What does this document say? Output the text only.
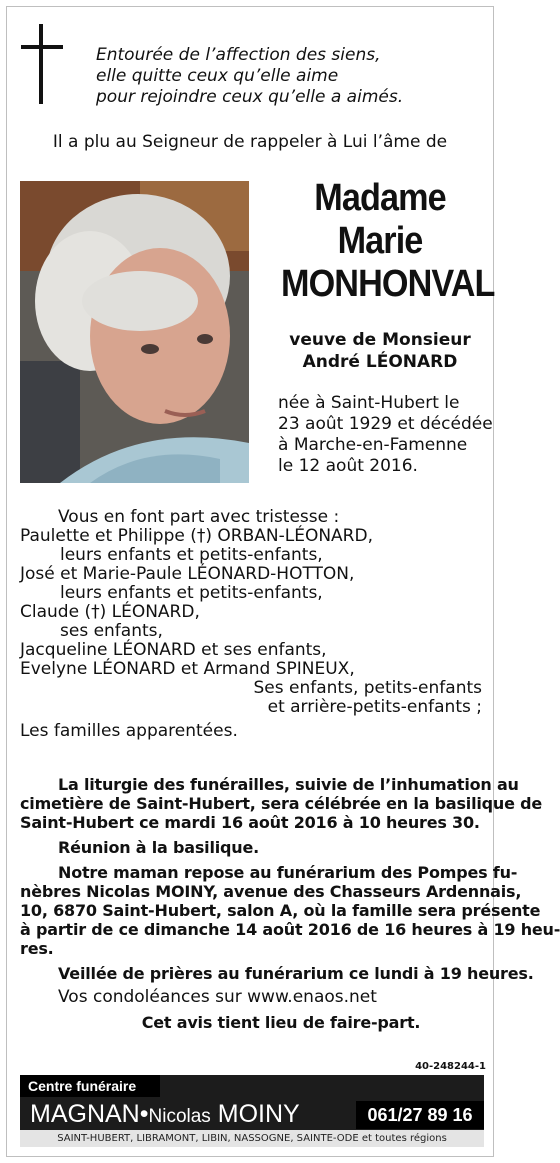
Entourée de l’affection des siens,
elle quitte ceux qu’elle aime
pour rejoindre ceux qu’elle a aimés.
Il a plu au Seigneur de rappeler à Lui l’âme de
Madame
Marie
MONHONVAL
veuve de Monsieur
André LÉONARD
née à Saint-Hubert le
23 août 1929 et décédée
à Marche-en-Famenne
le 12 août 2016.
Vous en font part avec tristesse :
Paulette et Philippe (†) ORBAN-LÉONARD,
leurs enfants et petits-enfants,
José et Marie-Paule LÉONARD-HOTTON,
leurs enfants et petits-enfants,
Claude (†) LÉONARD,
ses enfants,
Jacqueline LÉONARD et ses enfants,
Evelyne LÉONARD et Armand SPINEUX,
Ses enfants, petits-enfants
et arrière-petits-enfants ;
Les familles apparentées.
La liturgie des funérailles, suivie de l’inhumation au
cimetière de Saint-Hubert, sera célébrée en la basilique de
Saint-Hubert ce mardi 16 août 2016 à 10 heures 30.
Réunion à la basilique.
Notre maman repose au funérarium des Pompes fu-
nèbres Nicolas MOINY, avenue des Chasseurs Ardennais,
10, 6870 Saint-Hubert, salon A, où la famille sera présente
à partir de ce dimanche 14 août 2016 de 16 heures à 19 heu-
res.
Veillée de prières au funérarium ce lundi à 19 heures.
Vos condoléances sur www.enaos.net
Cet avis tient lieu de faire-part.
40-248244-1
Centre funéraire
MAGNAN•Nicolas MOINY	061/27 89 16
SAINT-HUBERT, LIBRAMONT, LIBIN, NASSOGNE, SAINTE-ODE et toutes régions
